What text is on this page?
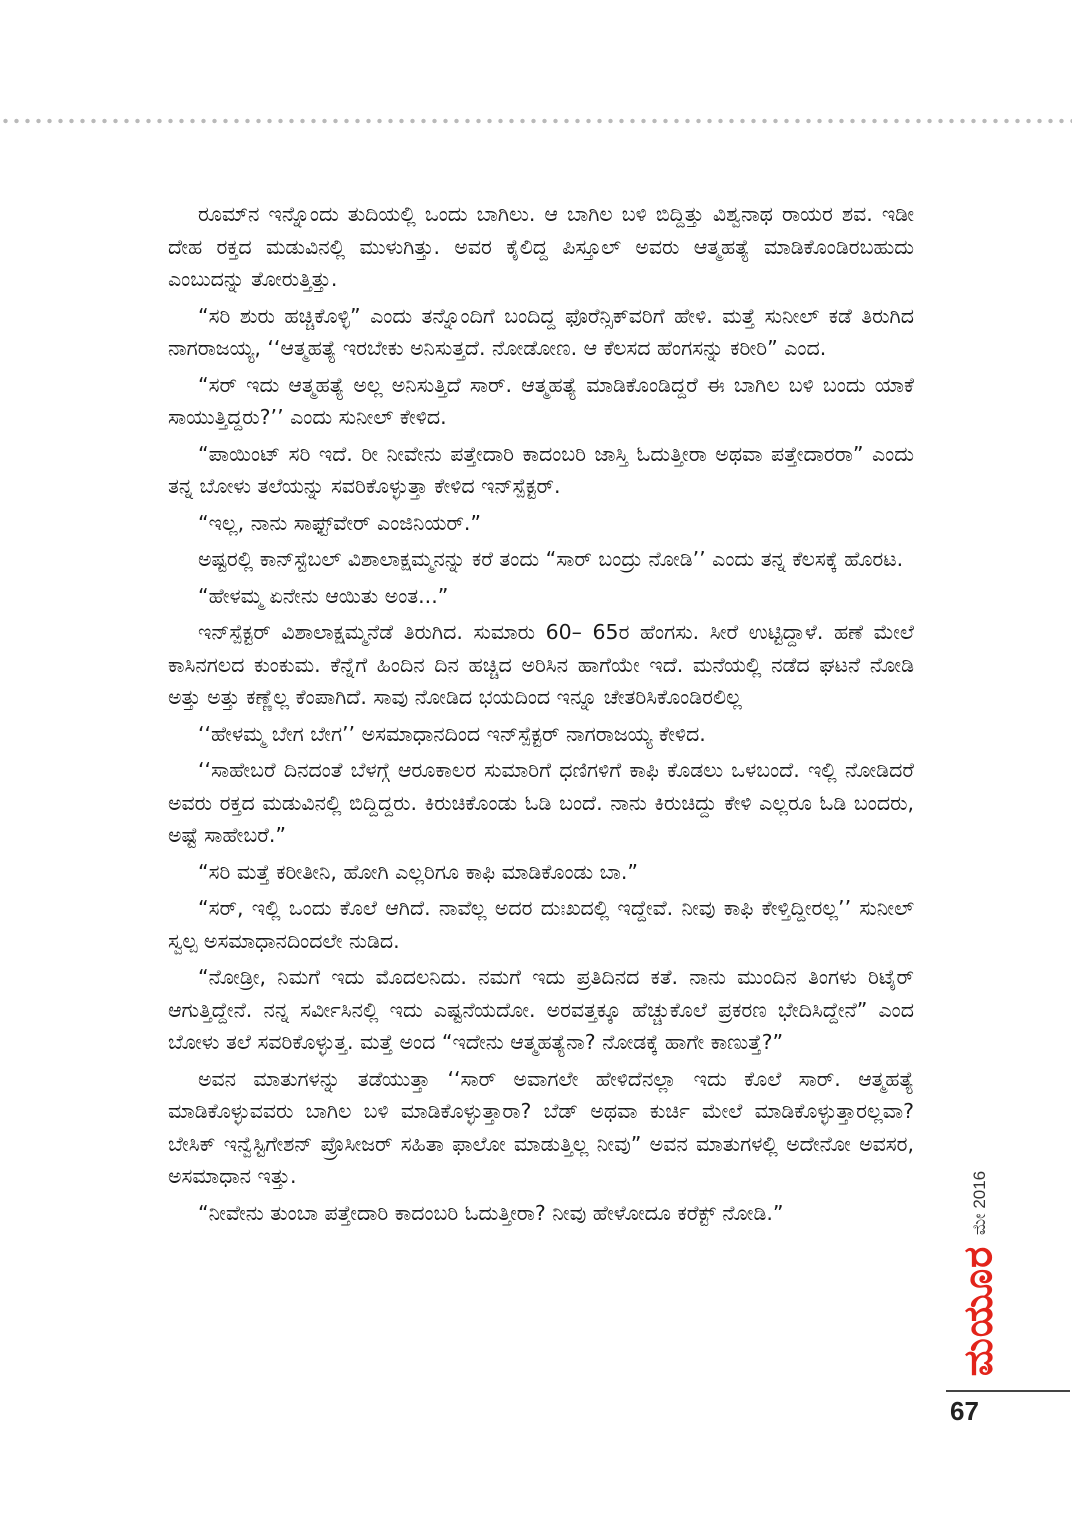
ರೂಮ್‌ನ ಇನ್ನೊಂದು ತುದಿಯಲ್ಲಿ ಒಂದು ಬಾಗಿಲು. ಆ ಬಾಗಿಲ ಬಳಿ ಬಿದ್ದಿತ್ತು ವಿಶ್ವನಾಥ ರಾಯರ ಶವ. ಇಡೀ ದೇಹ ರಕ್ತದ ಮಡುವಿನಲ್ಲಿ ಮುಳುಗಿತ್ತು. ಅವರ ಕೈಲಿದ್ದ ಪಿಸ್ತೂಲ್ ಅವರು ಆತ್ಮಹತ್ಯೆ ಮಾಡಿಕೊಂಡಿರಬಹುದು ಎಂಬುದನ್ನು ತೋರುತ್ತಿತ್ತು.

“ಸರಿ ಶುರು ಹಚ್ಚಿಕೊಳ್ಳಿ” ಎಂದು ತನ್ನೊಂದಿಗೆ ಬಂದಿದ್ದ ಫೊರೆನ್ಸಿಕ್‌ವರಿಗೆ ಹೇಳಿ. ಮತ್ತೆ ಸುನೀಲ್ ಕಡೆ ತಿರುಗಿದ ನಾಗರಾಜಯ್ಯ, ‘‘ಆತ್ಮಹತ್ಯೆ ಇರಬೇಕು ಅನಿಸುತ್ತದೆ. ನೋಡೋಣ. ಆ ಕೆಲಸದ ಹೆಂಗಸನ್ನು ಕರೀರಿ” ಎಂದ.

“ಸರ್ ಇದು ಆತ್ಮಹತ್ಯೆ ಅಲ್ಲ ಅನಿಸುತ್ತಿದೆ ಸಾರ್. ಆತ್ಮಹತ್ಯೆ ಮಾಡಿಕೊಂಡಿದ್ದರೆ ಈ ಬಾಗಿಲ ಬಳಿ ಬಂದು ಯಾಕೆ ಸಾಯುತ್ತಿದ್ದರು?’’ ಎಂದು ಸುನೀಲ್ ಕೇಳಿದ.

“ಪಾಯಿಂಟ್ ಸರಿ ಇದೆ. ರೀ ನೀವೇನು ಪತ್ತೇದಾರಿ ಕಾದಂಬರಿ ಜಾಸ್ತಿ ಓದುತ್ತೀರಾ ಅಥವಾ ಪತ್ತೇದಾರರಾ” ಎಂದು ತನ್ನ ಬೋಳು ತಲೆಯನ್ನು ಸವರಿಕೊಳ್ಳುತ್ತಾ ಕೇಳಿದ ಇನ್‌ಸ್ಪೆಕ್ಟರ್.

“ಇಲ್ಲ, ನಾನು ಸಾಫ್ಟ್‌ವೇರ್ ಎಂಜಿನಿಯರ್.”

ಅಷ್ಟರಲ್ಲಿ ಕಾನ್‌ಸ್ಟೆಬಲ್ ವಿಶಾಲಾಕ್ಷಮ್ಮನನ್ನು ಕರೆ ತಂದು “ಸಾರ್ ಬಂದ್ರು ನೋಡಿ’’ ಎಂದು ತನ್ನ ಕೆಲಸಕ್ಕೆ ಹೊರಟ.

“ಹೇಳಮ್ಮ ಏನೇನು ಆಯಿತು ಅಂತ...”

ಇನ್‌ಸ್ಪೆಕ್ಟರ್ ವಿಶಾಲಾಕ್ಷಮ್ಮನೆಡೆ ತಿರುಗಿದ. ಸುಮಾರು 60– 65ರ ಹೆಂಗಸು. ಸೀರೆ ಉಟ್ಟಿದ್ದಾಳೆ. ಹಣೆ ಮೇಲೆ ಕಾಸಿನಗಲದ ಕುಂಕುಮ. ಕೆನ್ನೆಗೆ ಹಿಂದಿನ ದಿನ ಹಚ್ಚಿದ ಅರಿಸಿನ ಹಾಗೆಯೇ ಇದೆ. ಮನೆಯಲ್ಲಿ ನಡೆದ ಘಟನೆ ನೋಡಿ ಅತ್ತು ಅತ್ತು ಕಣ್ಣೆಲ್ಲ ಕೆಂಪಾಗಿದೆ. ಸಾವು ನೋಡಿದ ಭಯದಿಂದ ಇನ್ನೂ ಚೇತರಿಸಿಕೊಂಡಿರಲಿಲ್ಲ

‘‘ಹೇಳಮ್ಮ ಬೇಗ ಬೇಗ’’ ಅಸಮಾಧಾನದಿಂದ ಇನ್‌ಸ್ಪೆಕ್ಟರ್ ನಾಗರಾಜಯ್ಯ ಕೇಳಿದ.

‘‘ಸಾಹೇಬರೆ ದಿನದಂತೆ ಬೆಳಗ್ಗೆ ಆರೂಕಾಲರ ಸುಮಾರಿಗೆ ಧಣಿಗಳಿಗೆ ಕಾಫಿ ಕೊಡಲು ಒಳಬಂದೆ. ಇಲ್ಲಿ ನೋಡಿದರೆ ಅವರು ರಕ್ತದ ಮಡುವಿನಲ್ಲಿ ಬಿದ್ದಿದ್ದರು. ಕಿರುಚಿಕೊಂಡು ಓಡಿ ಬಂದೆ. ನಾನು ಕಿರುಚಿದ್ದು ಕೇಳಿ ಎಲ್ಲರೂ ಓಡಿ ಬಂದರು, ಅಷ್ಟೆ ಸಾಹೇಬರೆ.”

“ಸರಿ ಮತ್ತೆ ಕರೀತೀನಿ, ಹೋಗಿ ಎಲ್ಲರಿಗೂ ಕಾಫಿ ಮಾಡಿಕೊಂಡು ಬಾ.”

“ಸರ್, ಇಲ್ಲಿ ಒಂದು ಕೊಲೆ ಆಗಿದೆ. ನಾವೆಲ್ಲ ಅದರ ದುಃಖದಲ್ಲಿ ಇದ್ದೇವೆ. ನೀವು ಕಾಫಿ ಕೇಳ್ತಿದ್ದೀರಲ್ಲ’’ ಸುನೀಲ್ ಸ್ವಲ್ಪ ಅಸಮಾಧಾನದಿಂದಲೇ ನುಡಿದ.

“ನೋಡ್ರೀ, ನಿಮಗೆ ಇದು ಮೊದಲನಿದು. ನಮಗೆ ಇದು ಪ್ರತಿದಿನದ ಕತೆ. ನಾನು ಮುಂದಿನ ತಿಂಗಳು ರಿಟೈರ್ ಆಗುತ್ತಿದ್ದೇನೆ. ನನ್ನ ಸರ್ವೀಸಿನಲ್ಲಿ ಇದು ಎಷ್ಟನೆಯದೋ. ಅರವತ್ತಕ್ಕೂ ಹೆಚ್ಚುಕೊಲೆ ಪ್ರಕರಣ ಭೇದಿಸಿದ್ದೇನೆ” ಎಂದ ಬೋಳು ತಲೆ ಸವರಿಕೊಳ್ಳುತ್ತ. ಮತ್ತೆ ಅಂದ “ಇದೇನು ಆತ್ಮಹತ್ಯೆನಾ? ನೋಡಕ್ಕೆ ಹಾಗೇ ಕಾಣುತ್ತೆ?”

ಅವನ ಮಾತುಗಳನ್ನು ತಡೆಯುತ್ತಾ ‘‘ಸಾರ್ ಅವಾಗಲೇ ಹೇಳಿದೆನಲ್ಲಾ ಇದು ಕೊಲೆ ಸಾರ್. ಆತ್ಮಹತ್ಯೆ ಮಾಡಿಕೊಳ್ಳುವವರು ಬಾಗಿಲ ಬಳಿ ಮಾಡಿಕೊಳ್ಳುತ್ತಾರಾ? ಬೆಡ್ ಅಥವಾ ಕುರ್ಚಿ ಮೇಲೆ ಮಾಡಿಕೊಳ್ಳುತ್ತಾರಲ್ಲವಾ? ಬೇಸಿಕ್ ಇನ್ವೆಸ್ಟಿಗೇಶನ್ ಪ್ರೊಸೀಜರ್ ಸಹಿತಾ ಫಾಲೋ ಮಾಡುತ್ತಿಲ್ಲ ನೀವು” ಅವನ ಮಾತುಗಳಲ್ಲಿ ಅದೇನೋ ಅವಸರ, ಅಸಮಾಧಾನ ಇತ್ತು.

“ನೀವೇನು ತುಂಬಾ ಪತ್ತೇದಾರಿ ಕಾದಂಬರಿ ಓದುತ್ತೀರಾ? ನೀವು ಹೇಳೋದೂ ಕರೆಕ್ಟ್ ನೋಡಿ.”	ಮೇ 2016
ಮಯೂರ
67
